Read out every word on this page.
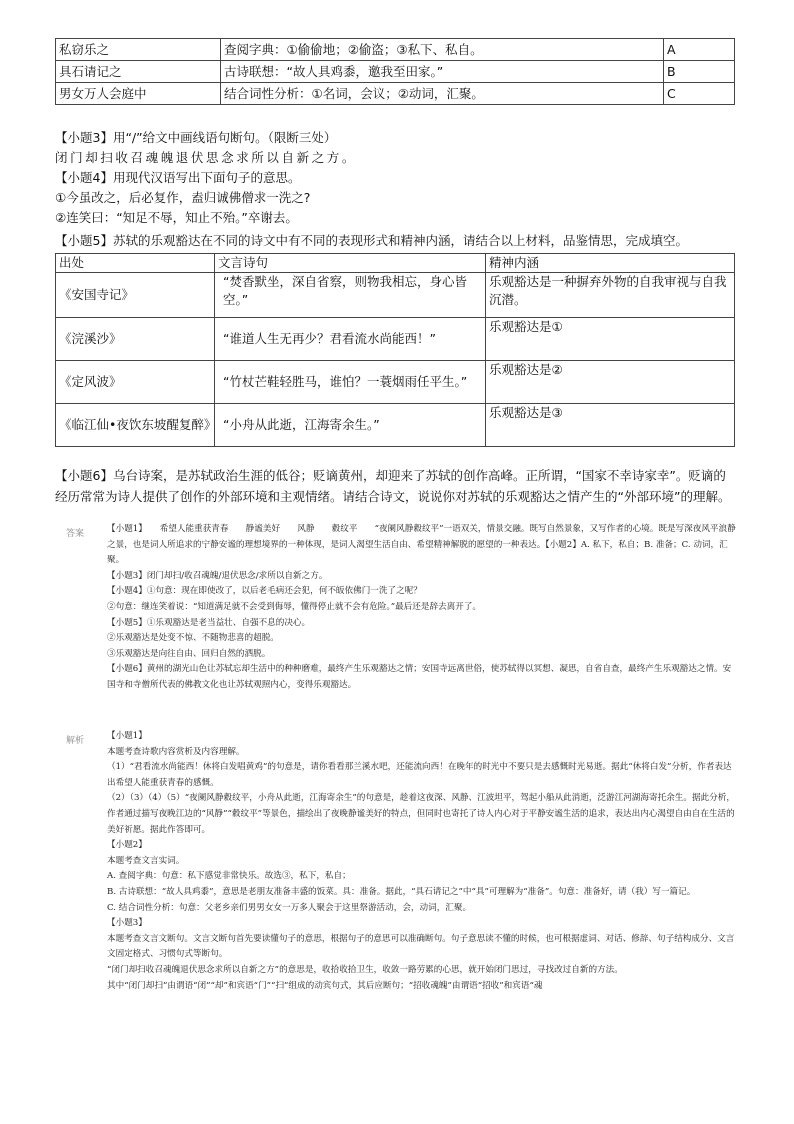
私窃乐之	查阅字典：①偷偷地；②偷盗；③私下、私自。	A
具石请记之	古诗联想：“故人具鸡黍，邀我至田家。”	B
男女万人会庭中	结合词性分析：①名词，会议；②动词，汇聚。	C
【小题3】用“/”给文中画线语句断句。（限断三处）
闭门却扫收召魂魄退伏思念求所以自新之方。
【小题4】用现代汉语写出下面句子的意思。
①今虽改之，后必复作，盍归诚佛僧求一洗之?
②连笑曰：“知足不辱，知止不殆。”卒谢去。
【小题5】苏轼的乐观豁达在不同的诗文中有不同的表现形式和精神内涵，请结合以上材料，品鉴情思，完成填空。
出处	文言诗句	精神内涵
《安国寺记》	“焚香默坐，深自省察，则物我相忘，身心皆空。”	乐观豁达是一种摒弃外物的自我审视与自我沉潜。
《浣溪沙》	“谁道人生无再少？君看流水尚能西！”	乐观豁达是①
《定风波》	“竹杖芒鞋轻胜马，谁怕？一蓑烟雨任平生。”	乐观豁达是②
《临江仙•夜饮东坡醒复醉》	“小舟从此逝，江海寄余生。”	乐观豁达是③
【小题6】乌台诗案，是苏轼政治生涯的低谷；贬谪黄州，却迎来了苏轼的创作高峰。正所谓，“国家不幸诗家幸”。贬谪的经历常常为诗人提供了创作的外部环境和主观情绪。请结合诗文，说说你对苏轼的乐观豁达之情产生的“外部环境”的理解。
答案	【小题1】　　希望人能重获青春　　静谧美好　　风静　　縠纹平　　“夜阑风静縠纹平”一语双关，情景交融。既写自然景象，又写作者的心境。既是写深夜风平浪静之景，也是词人所追求的宁静安谧的理想境界的一种体现，是词人渴望生活自由、希望精神解脱的愿望的一种表达。【小题2】A. 私下，私自；B. 准备；C. 动词，汇聚。

【小题3】闭门却扫/收召魂魄/退伏思念/求所以自新之方。

【小题4】①句意：现在即使改了，以后老毛病还会犯，何不皈依佛门一洗了之呢？

②句意：继连笑着说：“知道满足就不会受到侮辱，懂得停止就不会有危险。”最后还是辞去离开了。

【小题5】①乐观豁达是老当益壮、自强不息的决心。

②乐观豁达是处变不惊、不随物悲喜的超脱。

③乐观豁达是向往自由、回归自然的洒脱。

【小题6】黄州的湖光山色让苏轼忘却生活中的种种磨难，最终产生乐观豁达之情；安国寺远离世俗，使苏轼得以冥想、凝思，自省自查，最终产生乐观豁达之情。安国寺和寺僧所代表的佛教文化也让苏轼观照内心，变得乐观豁达。

解析	【小题1】

本题考查诗歌内容赏析及内容理解。

（1）“君看流水尚能西！休将白发唱黄鸡”的句意是，请你看看那兰溪水吧，还能流向西！在晚年的时光中不要只是去感慨时光易逝。据此“休将白发”分析，作者表达出希望人能重获青春的感慨。

（2）（3）（4）（5）“夜阑风静縠纹平，小舟从此逝，江海寄余生”的句意是，趁着这夜深、风静、江波坦平，驾起小船从此消逝，泛游江河湖海寄托余生。据此分析，作者通过描写夜晚江边的“风静”“縠纹平”等景色，描绘出了夜晚静谧美好的特点，但同时也寄托了诗人内心对于平静安谧生活的追求，表达出内心渴望自由自在生活的美好祈愿。据此作答即可。

【小题2】

本题考查文言实词。

A. 查阅字典：句意：私下感觉非常快乐。故选③，私下，私自；

B. 古诗联想：“故人具鸡黍”，意思是老朋友准备丰盛的饭菜。具：准备。据此，“具石请记之”中“具”可理解为“准备”。句意：准备好，请（我）写一篇记。

C. 结合词性分析：句意：父老乡亲们男男女女一万多人聚会于这里祭游活动，会，动词，汇聚。

【小题3】

本题考查文言文断句。文言文断句首先要读懂句子的意思，根据句子的意思可以准确断句。句子意思读不懂的时候，也可根据虚词、对话、修辞、句子结构成分、文言文固定格式、习惯句式等断句。

“闭门却扫收召魂魄退伏思念求所以自新之方”的意思是，收拾收拾卫生，收敛一路劳累的心思，就开始闭门思过，寻找改过自新的方法。

其中“闭门却扫”由谓语“闭”“却”和宾语“门”“扫”组成的动宾句式，其后应断句；“招收魂魄”由谓语“招收”和宾语“魂
